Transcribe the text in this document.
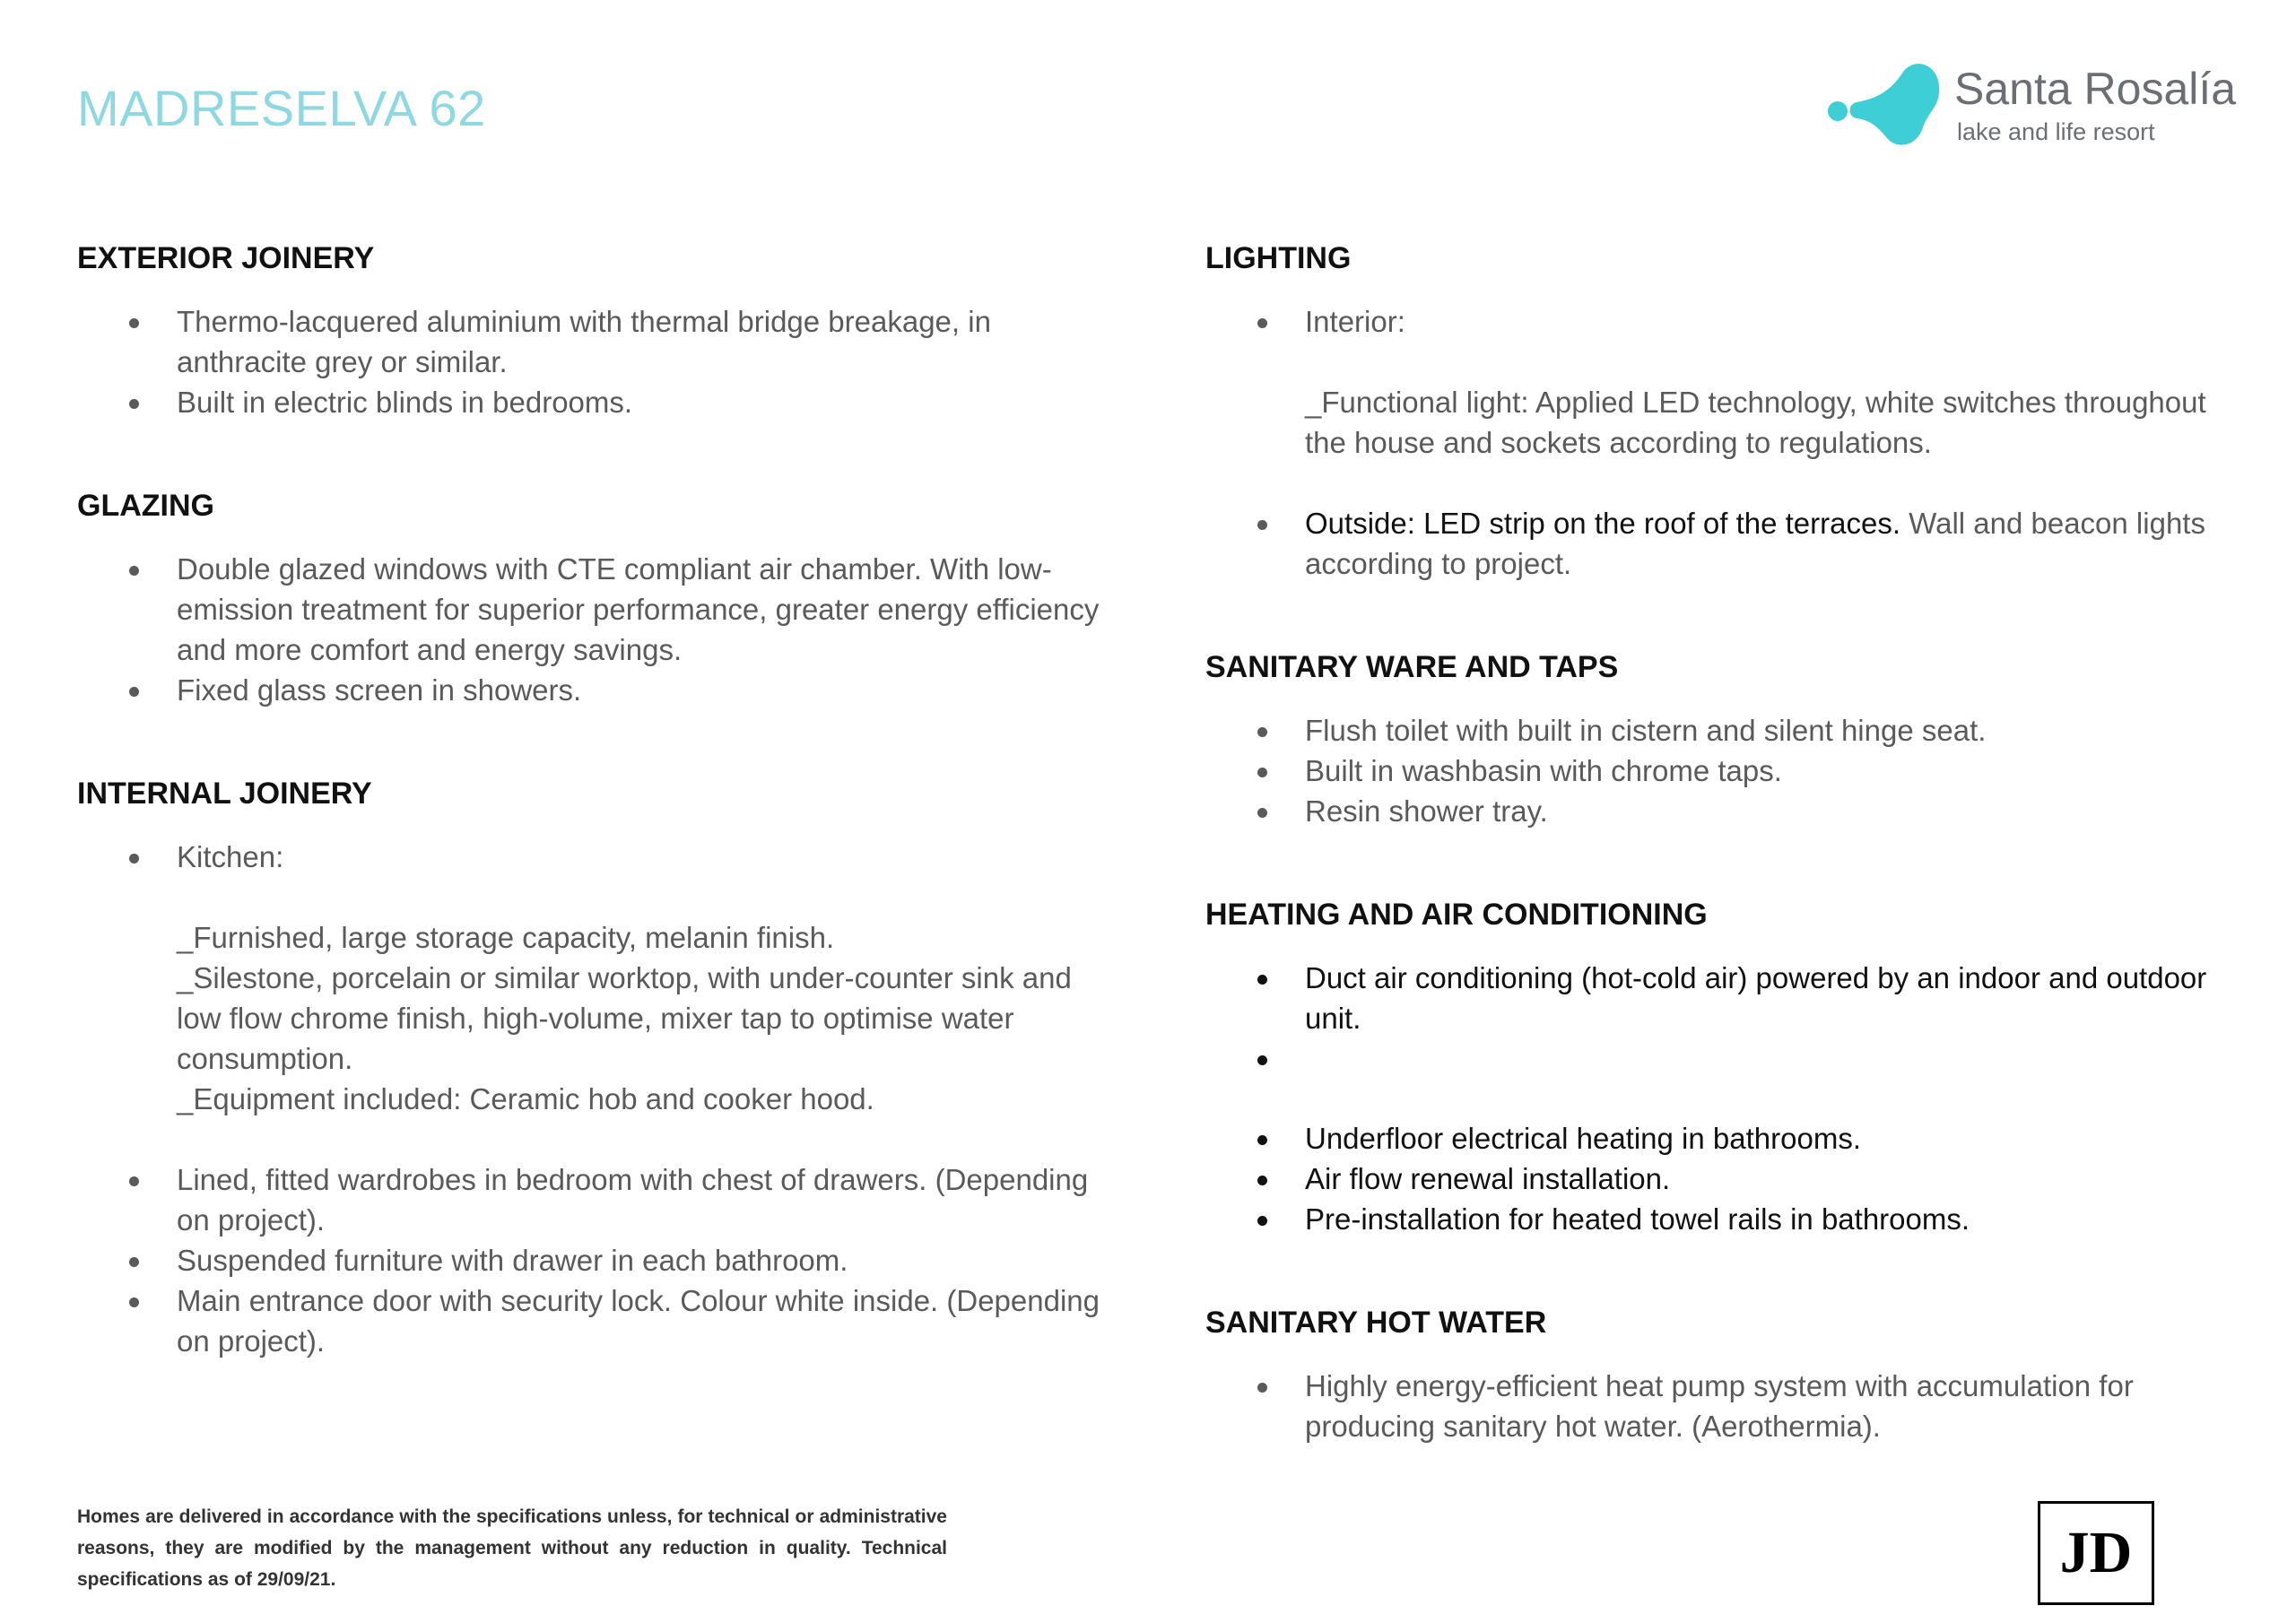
MADRESELVA 62	Santa Rosalía
lake and life resort
EXTERIOR JOINERY
Thermo-lacquered aluminium with thermal bridge breakage, in anthracite grey or similar.
Built in electric blinds in bedrooms.
GLAZING
Double glazed windows with CTE compliant air chamber. With low-emission treatment for superior performance, greater energy efficiency and more comfort and energy savings.
Fixed glass screen in showers.
INTERNAL JOINERY
Kitchen:
_Furnished, large storage capacity, melanin finish.
_Silestone, porcelain or similar worktop, with under-counter sink and low flow chrome finish, high-volume, mixer tap to optimise water consumption.
_Equipment included: Ceramic hob and cooker hood.
Lined, fitted wardrobes in bedroom with chest of drawers. (Depending on project).
Suspended furniture with drawer in each bathroom.
Main entrance door with security lock. Colour white inside. (Depending on project).
LIGHTING
Interior:
_Functional light: Applied LED technology, white switches throughout the house and sockets according to regulations.
Outside: LED strip on the roof of the terraces. Wall and beacon lights according to project.
SANITARY WARE AND TAPS
Flush toilet with built in cistern and silent hinge seat.
Built in washbasin with chrome taps.
Resin shower tray.
HEATING AND AIR CONDITIONING
Duct air conditioning (hot-cold air) powered by an indoor and outdoor unit.
Underfloor electrical heating in bathrooms.
Air flow renewal installation.
Pre-installation for heated towel rails in bathrooms.
SANITARY HOT WATER
Highly energy-efficient heat pump system with accumulation for producing sanitary hot water. (Aerothermia).
Homes are delivered in accordance with the specifications unless, for technical or administrative reasons, they are modified by the management without any reduction in quality. Technical specifications as of 29/09/21.	JD
